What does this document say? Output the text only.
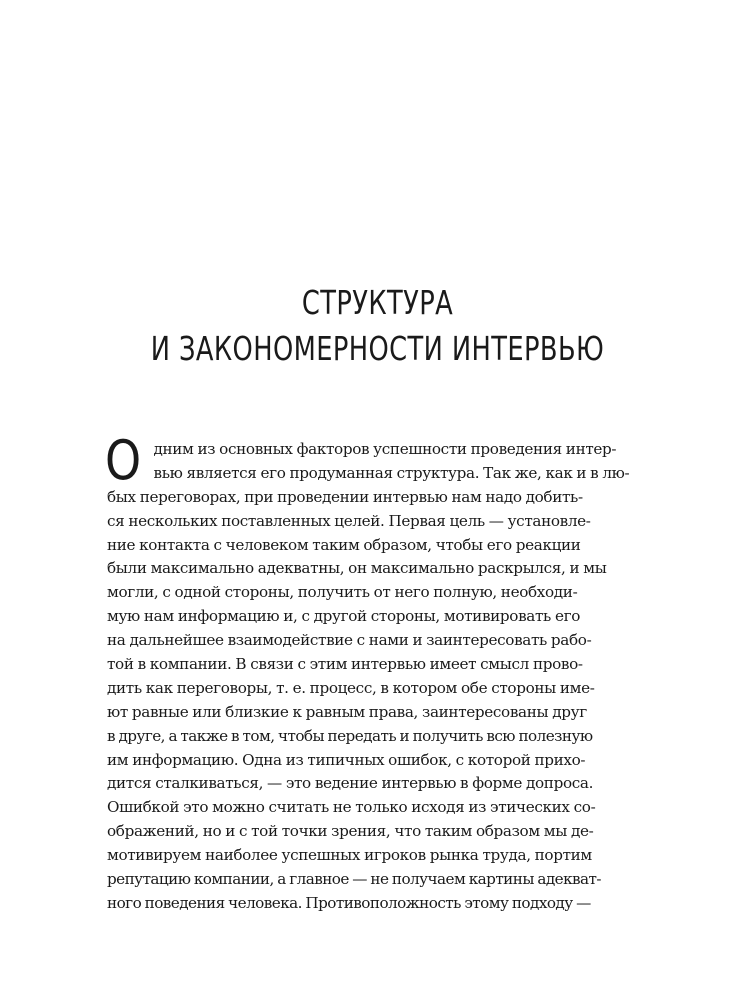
СТРУКТУРА
И ЗАКОНОМЕРНОСТИ ИНТЕРВЬЮ
О дним из основных факторов успешности проведения интер-
вью является его продуманная структура. Так же, как и в лю-
бых переговорах, при проведении интервью нам надо добить-
ся нескольких поставленных целей. Первая цель — установле-
ние контакта с человеком таким образом, чтобы его реакции
были максимально адекватны, он максимально раскрылся, и мы
могли, с одной стороны, получить от него полную, необходи-
мую нам информацию и, с другой стороны, мотивировать его
на дальнейшее взаимодействие с нами и заинтересовать рабо-
той в компании. В связи с этим интервью имеет смысл прово-
дить как переговоры, т. е. процесс, в котором обе стороны име-
ют равные или близкие к равным права, заинтересованы друг
в друге, а также в том, чтобы передать и получить всю полезную
им информацию. Одна из типичных ошибок, с которой прихо-
дится сталкиваться, — это ведение интервью в форме допроса.
Ошибкой это можно считать не только исходя из этических со-
ображений, но и с той точки зрения, что таким образом мы де-
мотивируем наиболее успешных игроков рынка труда, портим
репутацию компании, а главное — не получаем картины адекват-
ного поведения человека. Противоположность этому подходу —
